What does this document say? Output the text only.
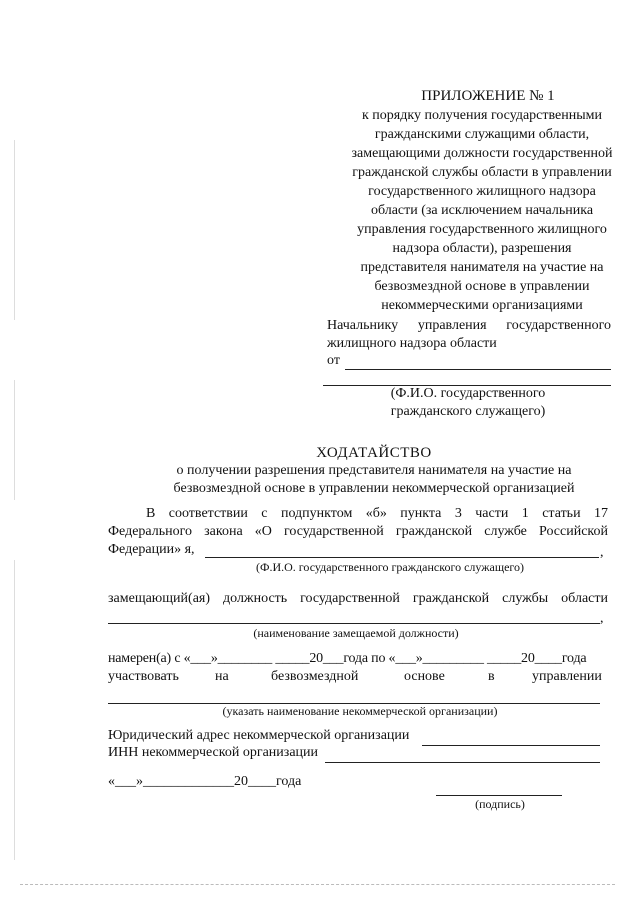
ПРИЛОЖЕНИЕ № 1
к порядку получения государственными
гражданскими служащими области,
замещающими должности государственной
гражданской службы области в управлении
государственного жилищного надзора
области (за исключением начальника
управления государственного жилищного
надзора области), разрешения
представителя нанимателя на участие на
безвозмездной основе в управлении
некоммерческими организациями
Начальнику управления государственного
жилищного надзора области
от
(Ф.И.О. государственного
гражданского служащего)
ХОДАТАЙСТВО
о получении разрешения представителя нанимателя на участие на
безвозмездной основе в управлении некоммерческой организацией
В соответствии с подпунктом «б» пункта 3 части 1 статьи 17
Федерального закона «О государственной гражданской службе Российской
Федерации» я,	,
(Ф.И.О. государственного гражданского служащего)
замещающий(ая) должность государственной гражданской службы области
,
(наименование замещаемой должности)
намерен(а) с «___»________ _____20___года по «___»_________ _____20____года
участвовать	на	безвозмездной	основе	в	управлении
(указать наименование некоммерческой организации)
Юридический адрес некоммерческой организации
ИНН некоммерческой организации
«___»_____________20____года
(подпись)
